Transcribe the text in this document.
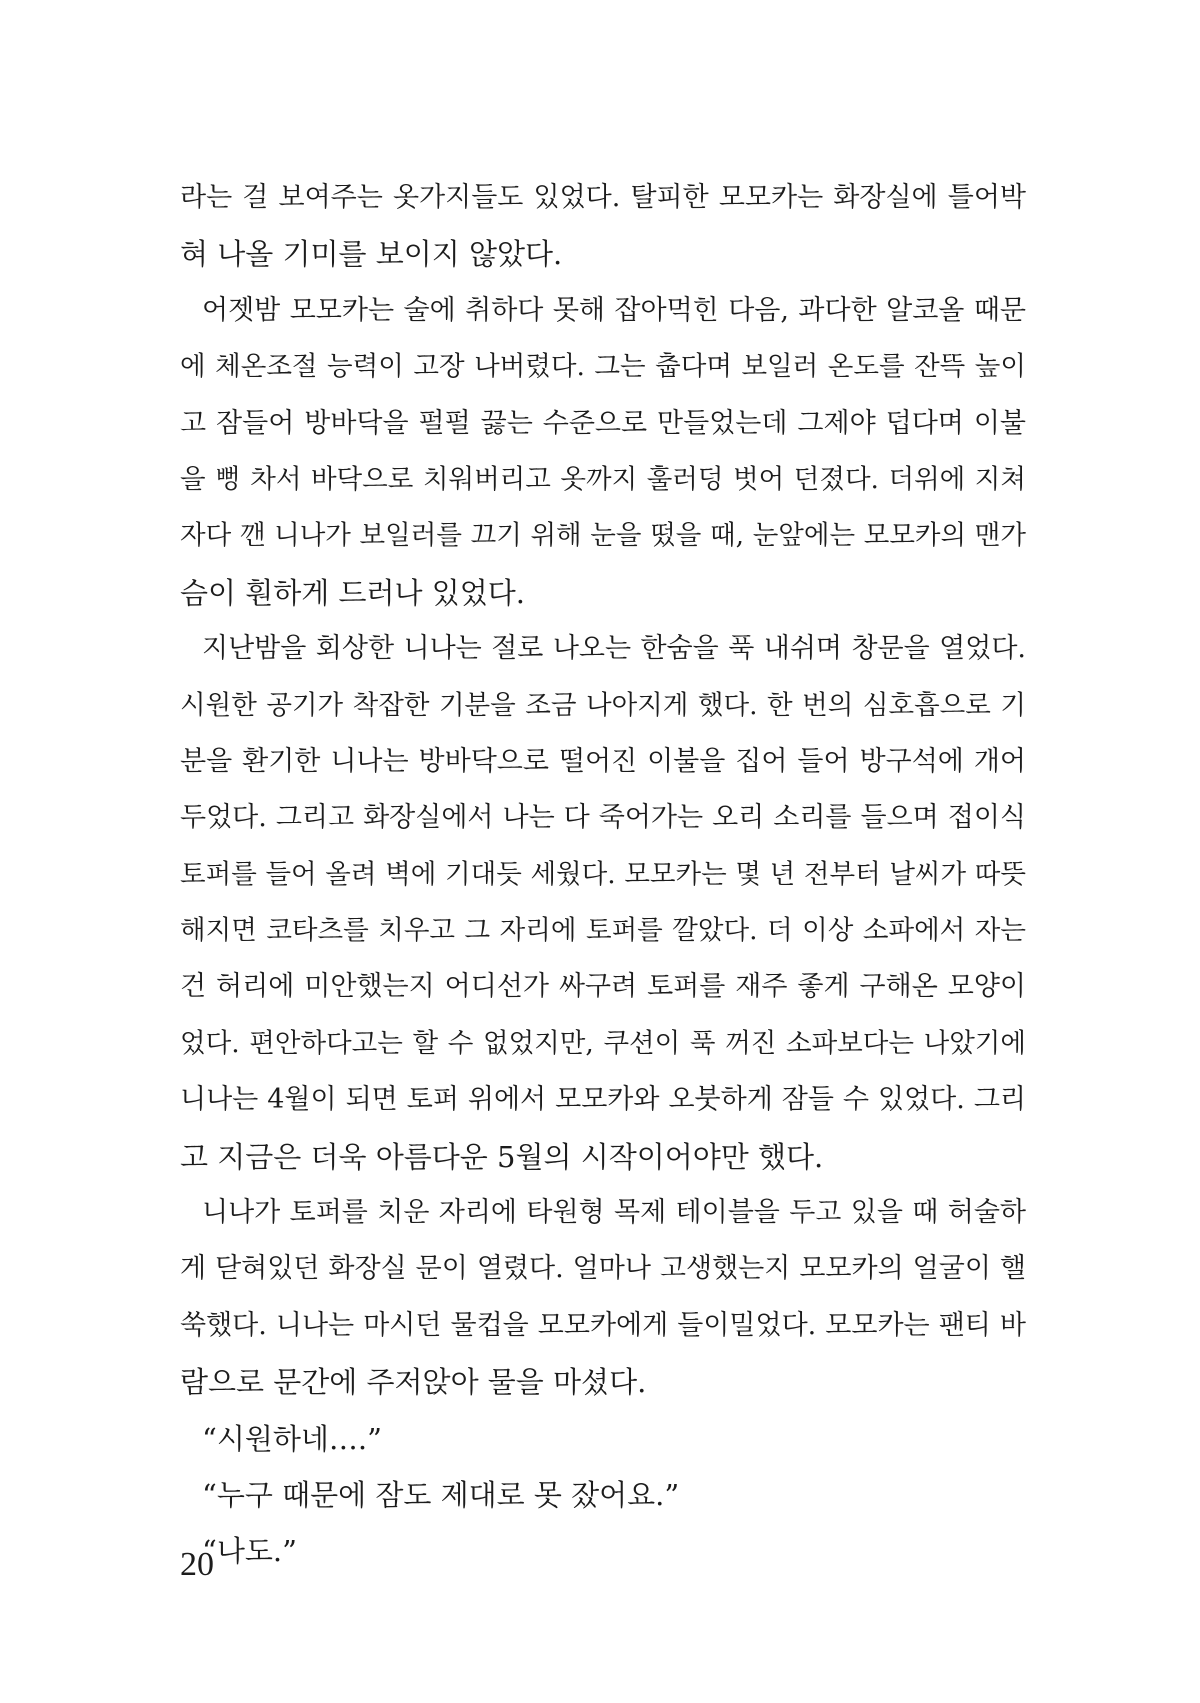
라는 걸 보여주는 옷가지들도 있었다. 탈피한 모모카는 화장실에 틀어박
혀 나올 기미를 보이지 않았다.
어젯밤 모모카는 술에 취하다 못해 잡아먹힌 다음, 과다한 알코올 때문
에 체온조절 능력이 고장 나버렸다. 그는 춥다며 보일러 온도를 잔뜩 높이
고 잠들어 방바닥을 펄펄 끓는 수준으로 만들었는데 그제야 덥다며 이불
을 뻥 차서 바닥으로 치워버리고 옷까지 훌러덩 벗어 던졌다. 더위에 지쳐
자다 깬 니나가 보일러를 끄기 위해 눈을 떴을 때, 눈앞에는 모모카의 맨가
슴이 훤하게 드러나 있었다.
지난밤을 회상한 니나는 절로 나오는 한숨을 푹 내쉬며 창문을 열었다.
시원한 공기가 착잡한 기분을 조금 나아지게 했다. 한 번의 심호흡으로 기
분을 환기한 니나는 방바닥으로 떨어진 이불을 집어 들어 방구석에 개어
두었다. 그리고 화장실에서 나는 다 죽어가는 오리 소리를 들으며 접이식
토퍼를 들어 올려 벽에 기대듯 세웠다. 모모카는 몇 년 전부터 날씨가 따뜻
해지면 코타츠를 치우고 그 자리에 토퍼를 깔았다. 더 이상 소파에서 자는
건 허리에 미안했는지 어디선가 싸구려 토퍼를 재주 좋게 구해온 모양이
었다. 편안하다고는 할 수 없었지만, 쿠션이 푹 꺼진 소파보다는 나았기에
니나는 4월이 되면 토퍼 위에서 모모카와 오붓하게 잠들 수 있었다. 그리
고 지금은 더욱 아름다운 5월의 시작이어야만 했다.
니나가 토퍼를 치운 자리에 타원형 목제 테이블을 두고 있을 때 허술하
게 닫혀있던 화장실 문이 열렸다. 얼마나 고생했는지 모모카의 얼굴이 핼
쑥했다. 니나는 마시던 물컵을 모모카에게 들이밀었다. 모모카는 팬티 바
람으로 문간에 주저앉아 물을 마셨다.
“시원하네….”
“누구 때문에 잠도 제대로 못 잤어요.”
“나도.”
20
